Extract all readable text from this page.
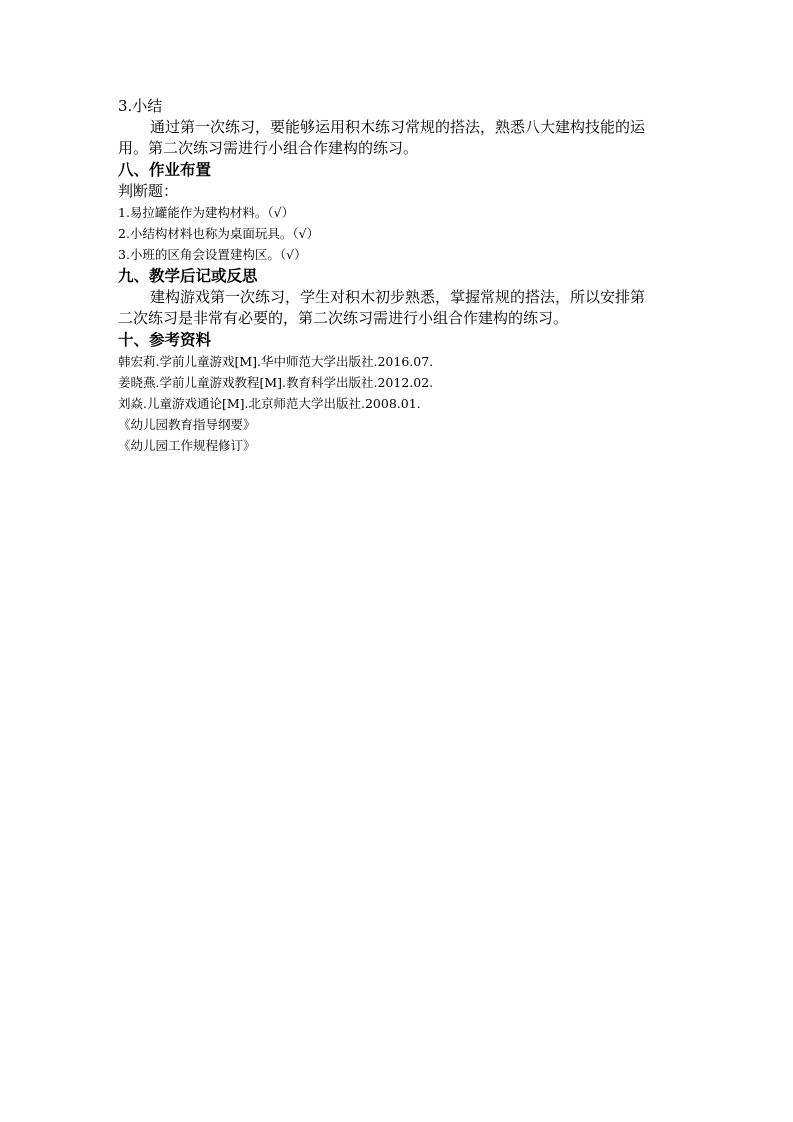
3.小结

通过第一次练习，要能够运用积木练习常规的搭法，熟悉八大建构技能的运

用。第二次练习需进行小组合作建构的练习。

八、作业布置

判断题：

1.易拉罐能作为建构材料。（√）

2.小结构材料也称为桌面玩具。（√）

3.小班的区角会设置建构区。（√）

九、教学后记或反思

建构游戏第一次练习，学生对积木初步熟悉，掌握常规的搭法，所以安排第

二次练习是非常有必要的，第二次练习需进行小组合作建构的练习。

十、参考资料

韩宏莉.学前儿童游戏[M].华中师范大学出版社.2016.07.

姜晓燕.学前儿童游戏教程[M].教育科学出版社.2012.02.

刘焱.儿童游戏通论[M].北京师范大学出版社.2008.01.

《幼儿园教育指导纲要》

《幼儿园工作规程修订》
